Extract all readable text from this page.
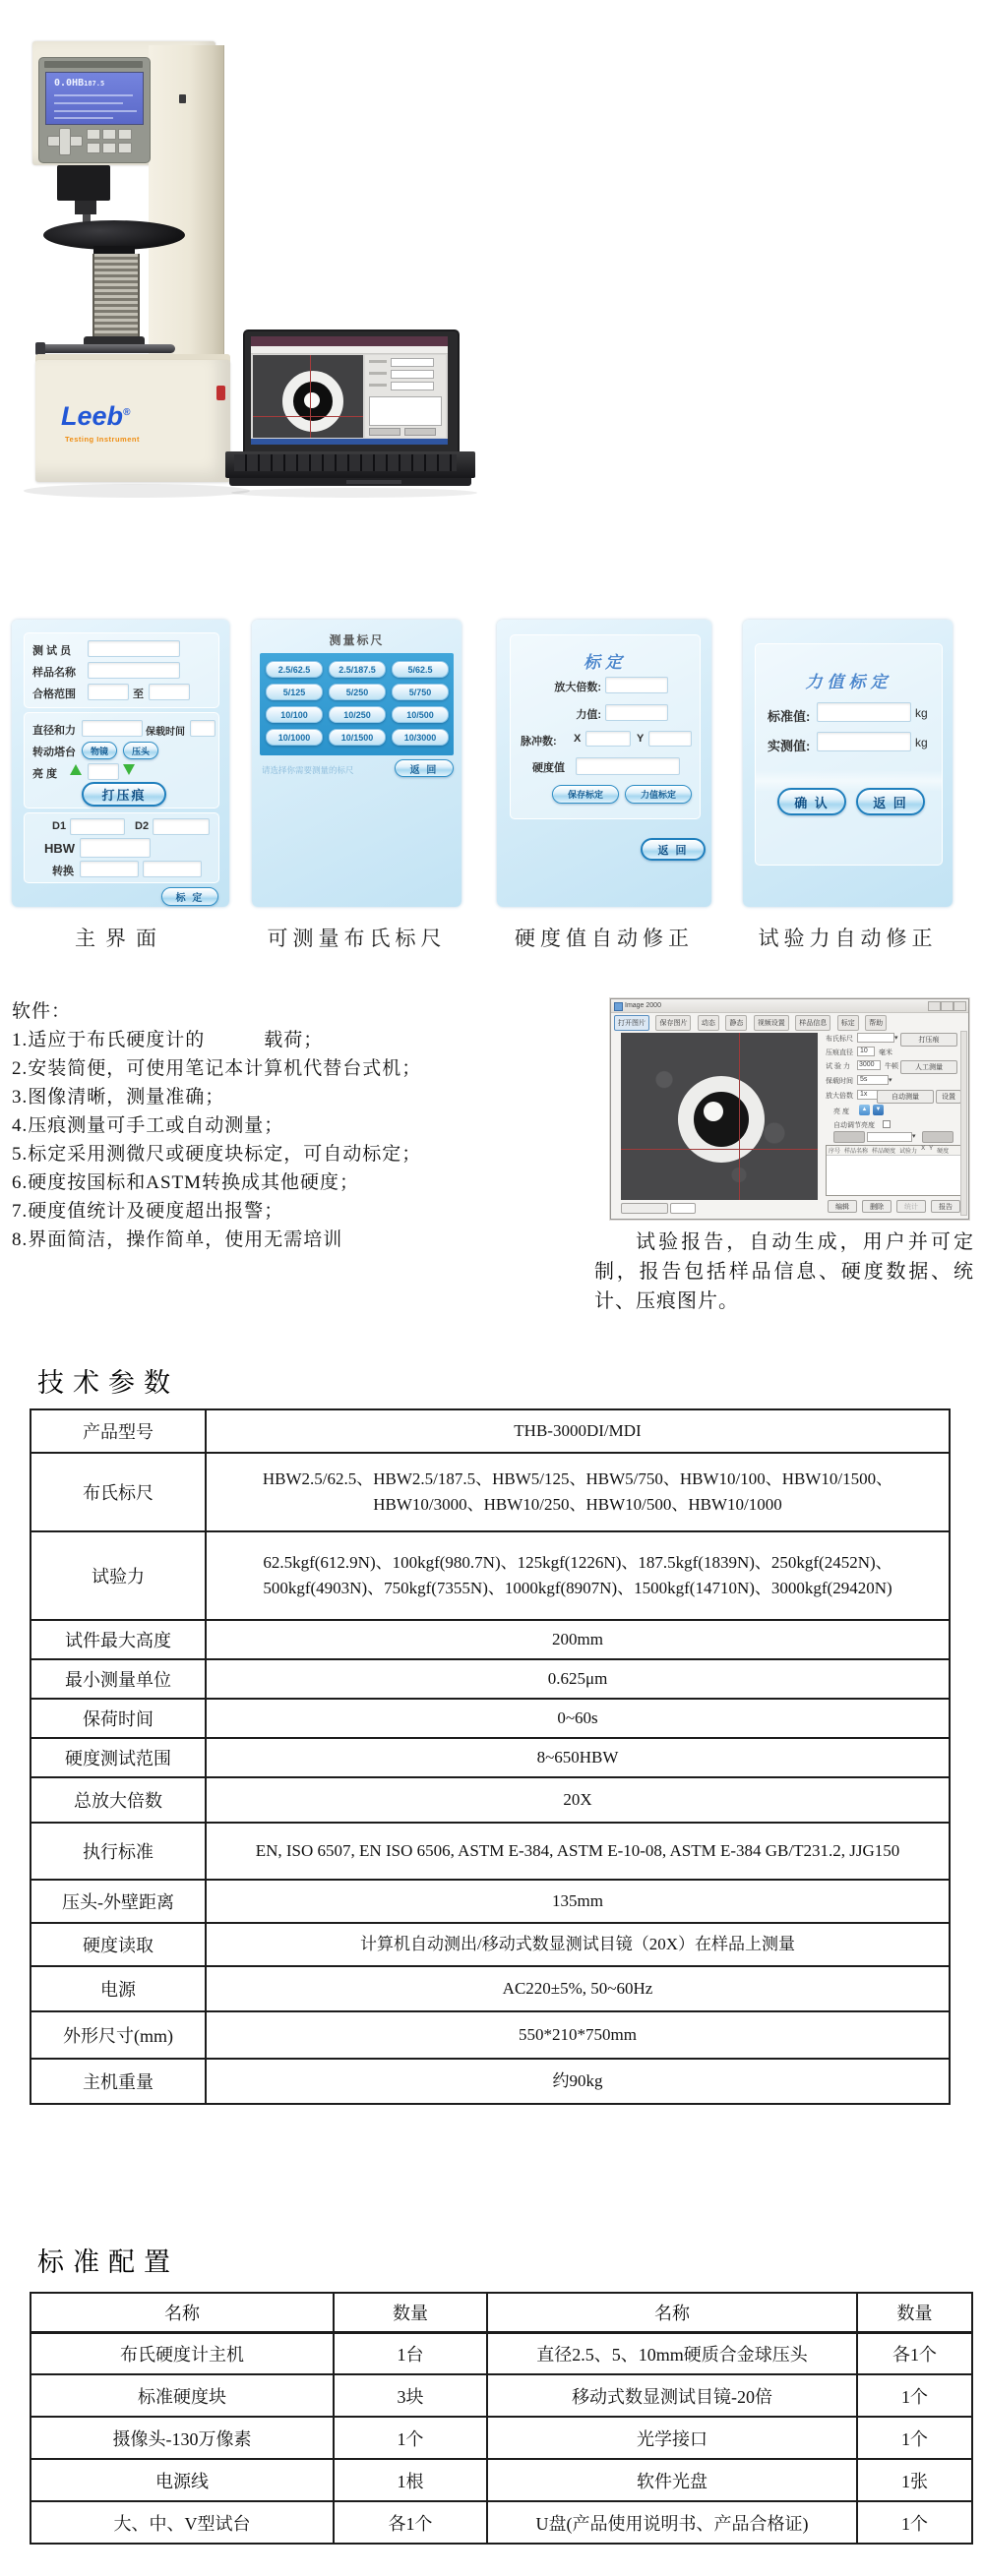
0.0HB187.5
Leeb®
Testing Instrument
测 试 员
样品名称
合格范围	至
直径和力	保载时间
转动塔台	物镜	压头
亮 度
打压痕
D1	D2
HBW
转换
标 定
测量标尺
2.5/62.5	2.5/187.5	5/62.5
5/125	5/250	5/750
10/100	10/250	10/500
10/1000	10/1500	10/3000
请选择你需要测量的标尺	返 回
标定
放大倍数:
力值:
脉冲数: X	Y
硬度值
保存标定	力值标定
返 回
力值标定
标准值:	kg
实测值:	kg
确 认	返 回
主界面	可测量布氏标尺	硬度值自动修正	试验力自动修正
软件：
1.适应于布氏硬度计的　　　载荷；
2.安装简便，可使用笔记本计算机代替台式机；
3.图像清晰，测量准确；
4.压痕测量可手工或自动测量；
5.标定采用测微尺或硬度块标定，可自动标定；
6.硬度按国标和ASTM转换成其他硬度；
7.硬度值统计及硬度超出报警；
8.界面简洁，操作简单，使用无需培训
Image 2000
打开图片 保存图片 动态 静态 视频设置 样品信息 标定 帮助
布氏标尺	▾	打压痕
压痕直径 10 毫米
试 验 力 3000 牛顿	人工测量
保载时间 5s	▾
放大倍数 1x	自动测量	设置
亮 度	▲	▼
自动调节亮度
▾
序号 样品名称 样品硬度 试验力 X Y 硬度
编辑	删除	统计	报告
试验报告，自动生成，用户并可定制，报告包括样品信息、硬度数据、统计、压痕图片。
技术参数
产品型号	THB-3000DI/MDI
布氏标尺	HBW2.5/62.5、HBW2.5/187.5、HBW5/125、HBW5/750、HBW10/100、HBW10/1500、HBW10/3000、HBW10/250、HBW10/500、HBW10/1000
试验力	62.5kgf(612.9N)、100kgf(980.7N)、125kgf(1226N)、187.5kgf(1839N)、250kgf(2452N)、500kgf(4903N)、750kgf(7355N)、1000kgf(8907N)、1500kgf(14710N)、3000kgf(29420N)
试件最大高度	200mm
最小测量单位	0.625μm
保荷时间	0~60s
硬度测试范围	8~650HBW
总放大倍数	20X
执行标准	EN, ISO 6507, EN ISO 6506, ASTM E-384, ASTM E-10-08, ASTM E-384 GB/T231.2, JJG150
压头-外壁距离	135mm
硬度读取	计算机自动测出/移动式数显测试目镜（20X）在样品上测量
电源	AC220±5%, 50~60Hz
外形尺寸(mm)	550*210*750mm
主机重量	约90kg
标准配置
名称	数量	名称	数量
布氏硬度计主机	1台	直径2.5、5、10mm硬质合金球压头	各1个
标准硬度块	3块	移动式数显测试目镜-20倍	1个
摄像头-130万像素	1个	光学接口	1个
电源线	1根	软件光盘	1张
大、中、V型试台	各1个	U盘(产品使用说明书、产品合格证)	1个
